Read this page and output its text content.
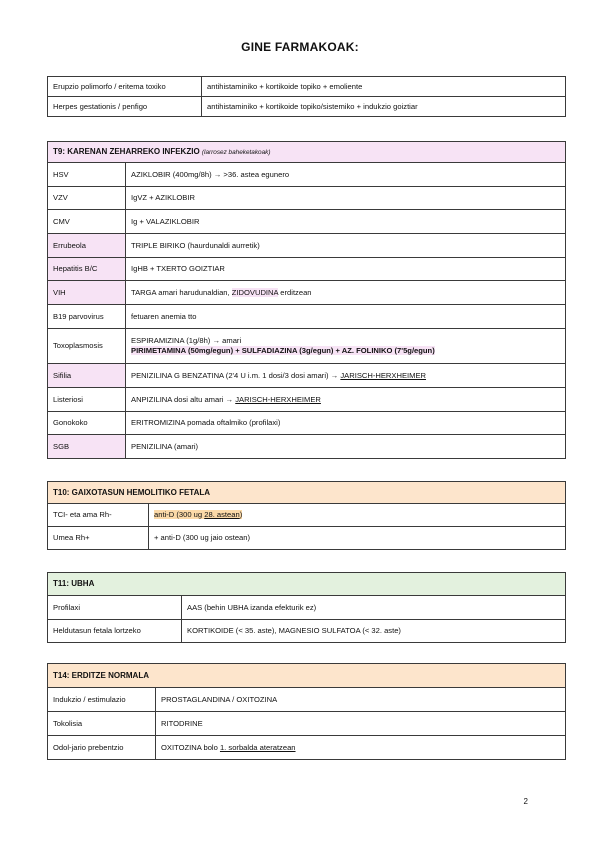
GINE FARMAKOAK:
Erupzio polimorfo / eritema toxiko	antihistaminiko + kortikoide topiko + emoliente
Herpes gestationis / penfigo	antihistaminiko + kortikoide topiko/sistemiko + indukzio goiztiar
T9: KARENAN ZEHARREKO INFEKZIO (larrosez baheketakoak)	
HSV	AZIKLOBIR (400mg/8h) → >36. astea egunero
VZV	IgVZ + AZIKLOBIR
CMV	Ig + VALAZIKLOBIR
Errubeola	TRIPLE BIRIKO (haurdunaldi aurretik)
Hepatitis B/C	IgHB + TXERTO GOIZTIAR
VIH	TARGA amari harudunaldian, ZIDOVUDINA erditzean
B19 parvovirus	fetuaren anemia tto
Toxoplasmosis	ESPIRAMIZINA (1g/8h) → amari
PIRIMETAMINA (50mg/egun) + SULFADIAZINA (3g/egun) + AZ. FOLINIKO (7'5g/egun)

Sifilia	PENIZILINA G BENZATINA (2'4 U i.m. 1 dosi/3 dosi amari) → JARISCH-HERXHEIMER
Listeriosi	ANPIZILINA dosi altu amari → JARISCH-HERXHEIMER
Gonokoko	ERITROMIZINA pomada oftalmiko (profilaxi)
SGB	PENIZILINA (amari)
T10: GAIXOTASUN HEMOLITIKO FETALA	
TCI- eta ama Rh-	anti-D (300 ug 28. astean)
Umea Rh+	+ anti-D (300 ug jaio ostean)
T11: UBHA	
Profilaxi	AAS (behin UBHA izanda efekturik ez)
Heldutasun fetala lortzeko	KORTIKOIDE (< 35. aste), MAGNESIO SULFATOA (< 32. aste)
T14: ERDITZE NORMALA	
Indukzio / estimulazio	PROSTAGLANDINA / OXITOZINA
Tokolisia	RITODRINE
Odol-jario prebentzio	OXITOZINA bolo 1. sorbalda ateratzean
2
